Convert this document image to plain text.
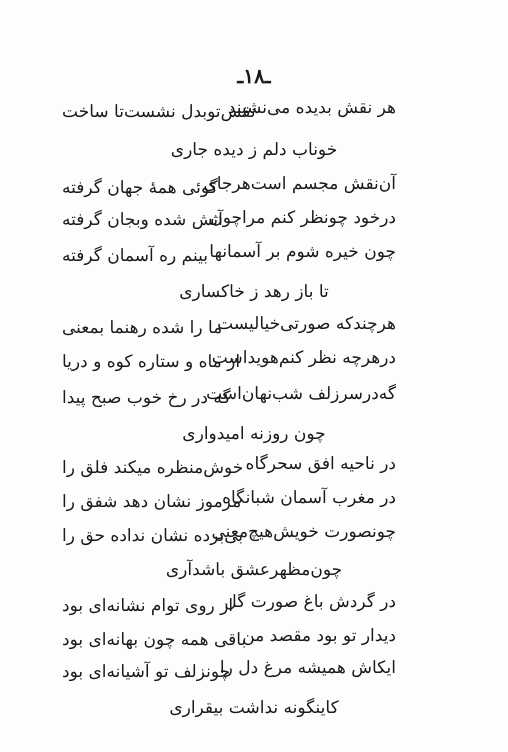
ـ۱۸ـ
هر نقش بدیده می‌نشیند
نقش‌توبدل نشست‌تا ساخت
خوناب دلم ز دیده جاری
آن‌نقش مجسم است‌هرجای
گوئی همهٔ جهان گرفته
درخود چونظر کنم مراچون
آتش شده وبجان گرفته
چون خیره شوم بر آسمانها
بینم ره آسمان گرفته
تا باز رهد ز خاکساری
هرچندکه صورتی‌خیالیست
ما را شده رهنما بمعنی
درهرچه نظر کنم‌هویداست
از ماه و ستاره کوه و دریا
گه‌درسرزلف شب‌نهان‌است
گه در رخ خوب صبح پیدا
چون روزنه امیدواری
در ناحیه افق سحرگاه
خوش‌منظره میکند فلق را
در مغرب آسمان شبانگاه
مرموز نشان دهد شفق را
چونصورت خویش‌هیچ‌معنی
بی‌برده نشان نداده حق را
چون‌مظهرعشق باشدآری
در گردش باغ صورت گل
از روی توام نشانه‌ای بود
دیدار تو بود مقصد من
باقی همه چون بهانه‌ای بود
ایکاش همیشه مرغ دل را
چونزلف تو آشیانه‌ای بود
کاینگونه نداشت بیقراری
